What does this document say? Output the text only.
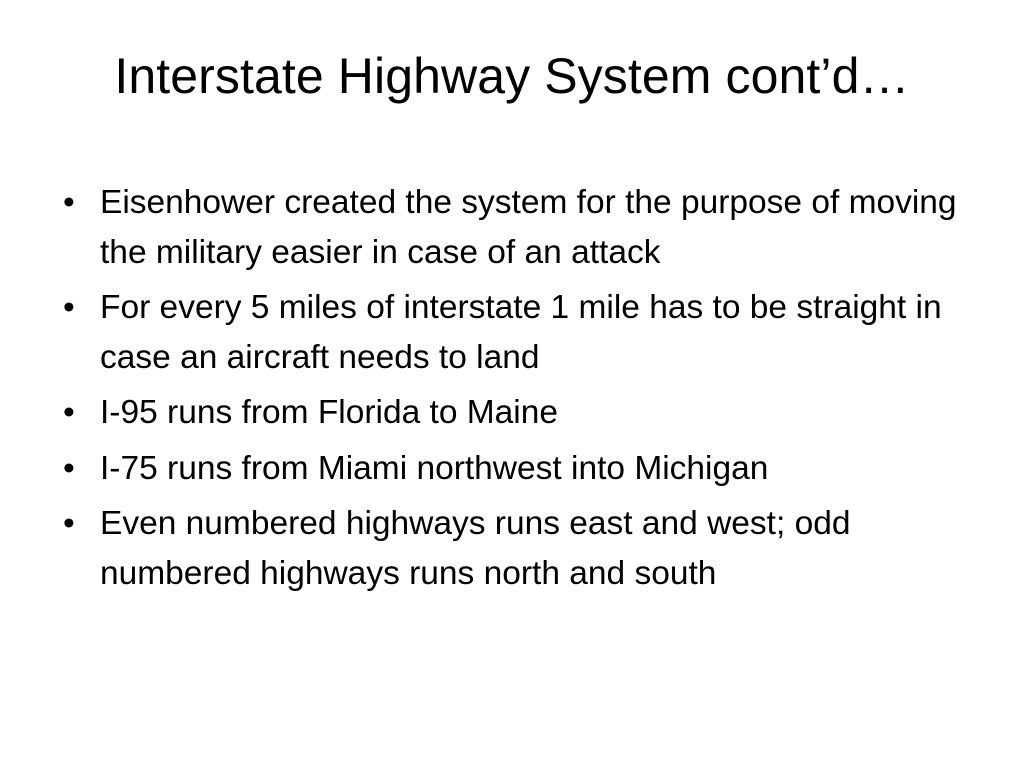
Interstate Highway System cont’d…
• Eisenhower created the system for the purpose of moving the military easier in case of an attack
• For every 5 miles of interstate 1 mile has to be straight in case an aircraft needs to land
• I-95 runs from Florida to Maine
• I-75 runs from Miami northwest into Michigan
• Even numbered highways runs east and west; odd numbered highways runs north and south
